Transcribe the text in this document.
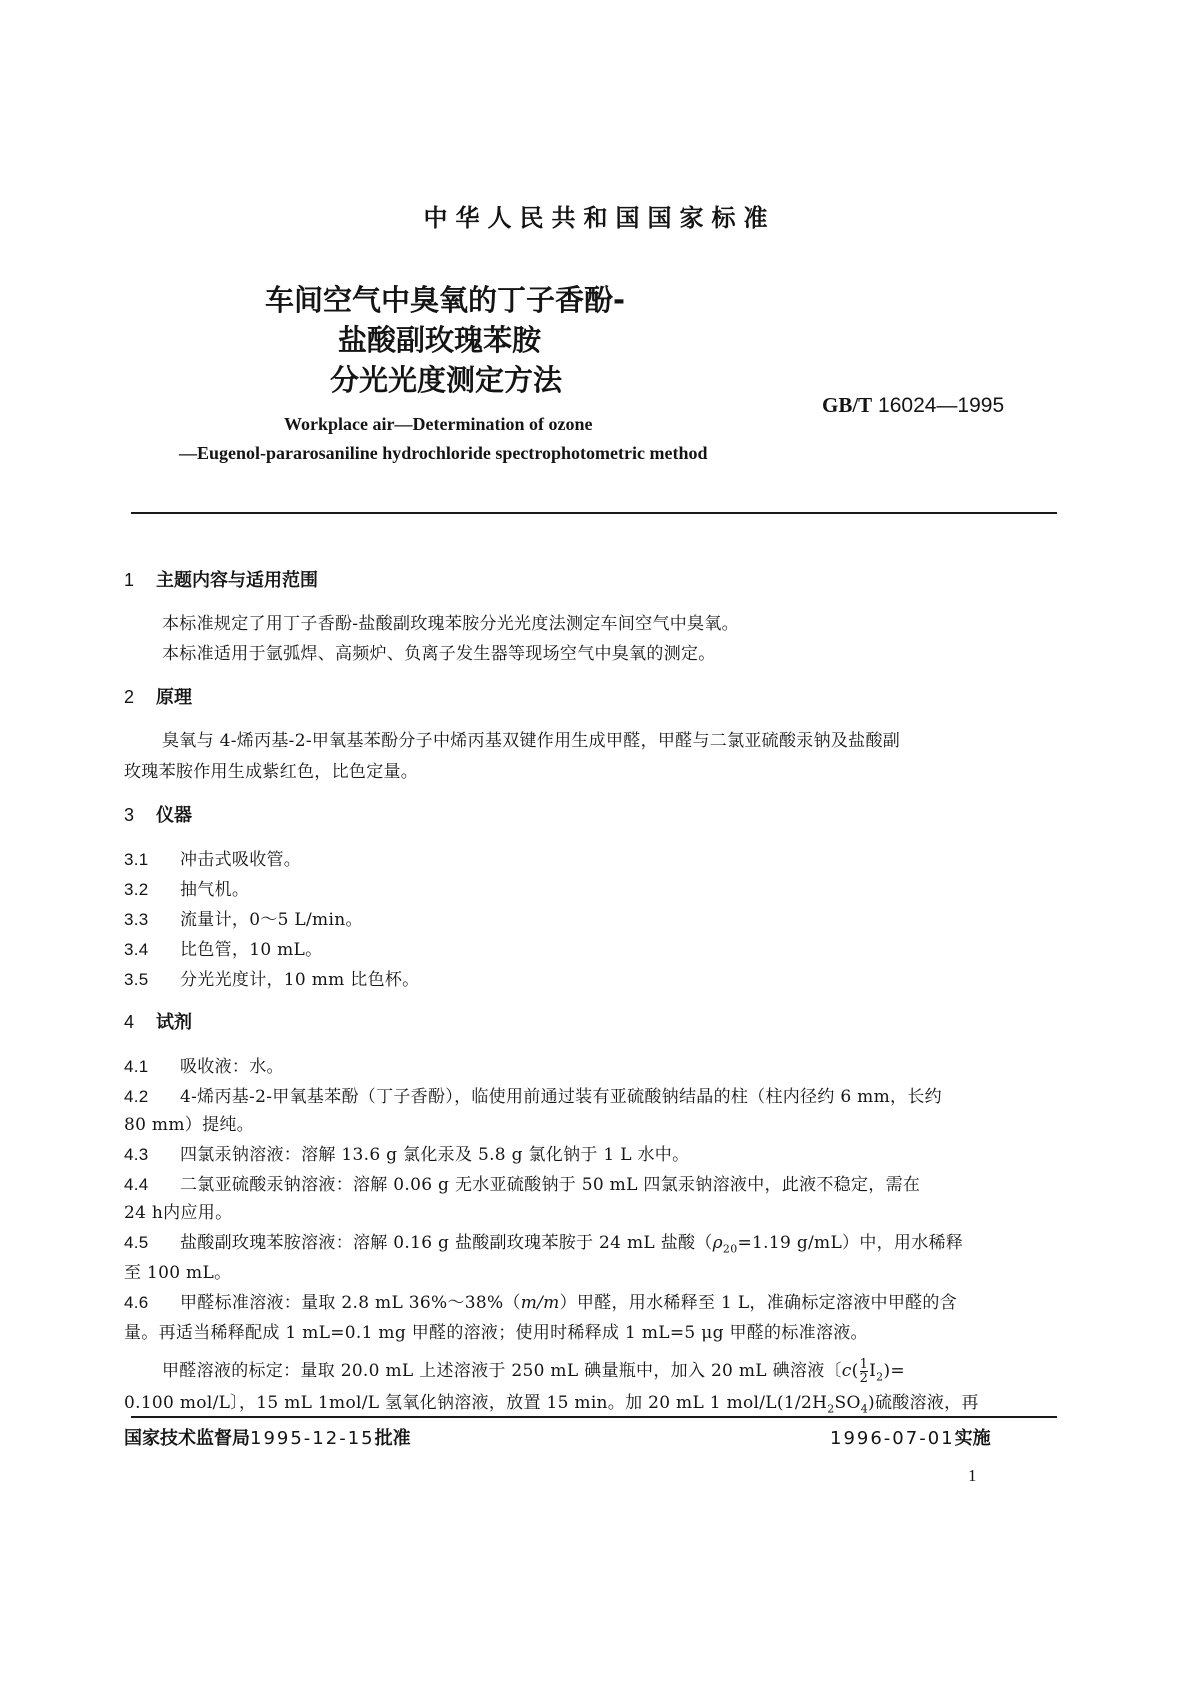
中华人民共和国国家标准
车间空气中臭氧的丁子香酚-
盐酸副玫瑰苯胺
分光光度测定方法
GB/T 16024—1995
Workplace air—Determination of ozone
—Eugenol-pararosaniline hydrochloride spectrophotometric method
1 主题内容与适用范围
本标准规定了用丁子香酚-盐酸副玫瑰苯胺分光光度法测定车间空气中臭氧。
本标准适用于氩弧焊、高频炉、负离子发生器等现场空气中臭氧的测定。
2 原理
臭氧与 4-烯丙基-2-甲氧基苯酚分子中烯丙基双键作用生成甲醛，甲醛与二氯亚硫酸汞钠及盐酸副
玫瑰苯胺作用生成紫红色，比色定量。
3 仪器
3.1 冲击式吸收管。
3.2 抽气机。
3.3 流量计，0～5 L/min。
3.4 比色管，10 mL。
3.5 分光光度计，10 mm 比色杯。
4 试剂
4.1 吸收液：水。
4.2 4-烯丙基-2-甲氧基苯酚（丁子香酚），临使用前通过装有亚硫酸钠结晶的柱（柱内径约 6 mm，长约
80 mm）提纯。
4.3 四氯汞钠溶液：溶解 13.6 g 氯化汞及 5.8 g 氯化钠于 1 L 水中。
4.4 二氯亚硫酸汞钠溶液：溶解 0.06 g 无水亚硫酸钠于 50 mL 四氯汞钠溶液中，此液不稳定，需在
24 h内应用。
4.5 盐酸副玫瑰苯胺溶液：溶解 0.16 g 盐酸副玫瑰苯胺于 24 mL 盐酸（$\rho_{20}=1.19$ g/mL）中，用水稀释
至 100 mL。
4.6 甲醛标准溶液：量取 2.8 mL 36%～38%（m/m）甲醛，用水稀释至 1 L，准确标定溶液中甲醛的含
量。再适当稀释配成 1 mL=0.1 mg 甲醛的溶液；使用时稀释成 1 mL=5 μg 甲醛的标准溶液。
甲醛溶液的标定：量取 20.0 mL 上述溶液于 250 mL 碘量瓶中，加入 20 mL 碘溶液〔$c( \frac{1}{2} I_2)=$
0.100 mol/L〕，15 mL 1mol/L 氢氧化钠溶液，放置 15 min。加 20 mL 1 mol/$L(1/2H_2SO_4)$硫酸溶液，再
国家技术监督局1995-12-15批准	1996-07-01实施
1
